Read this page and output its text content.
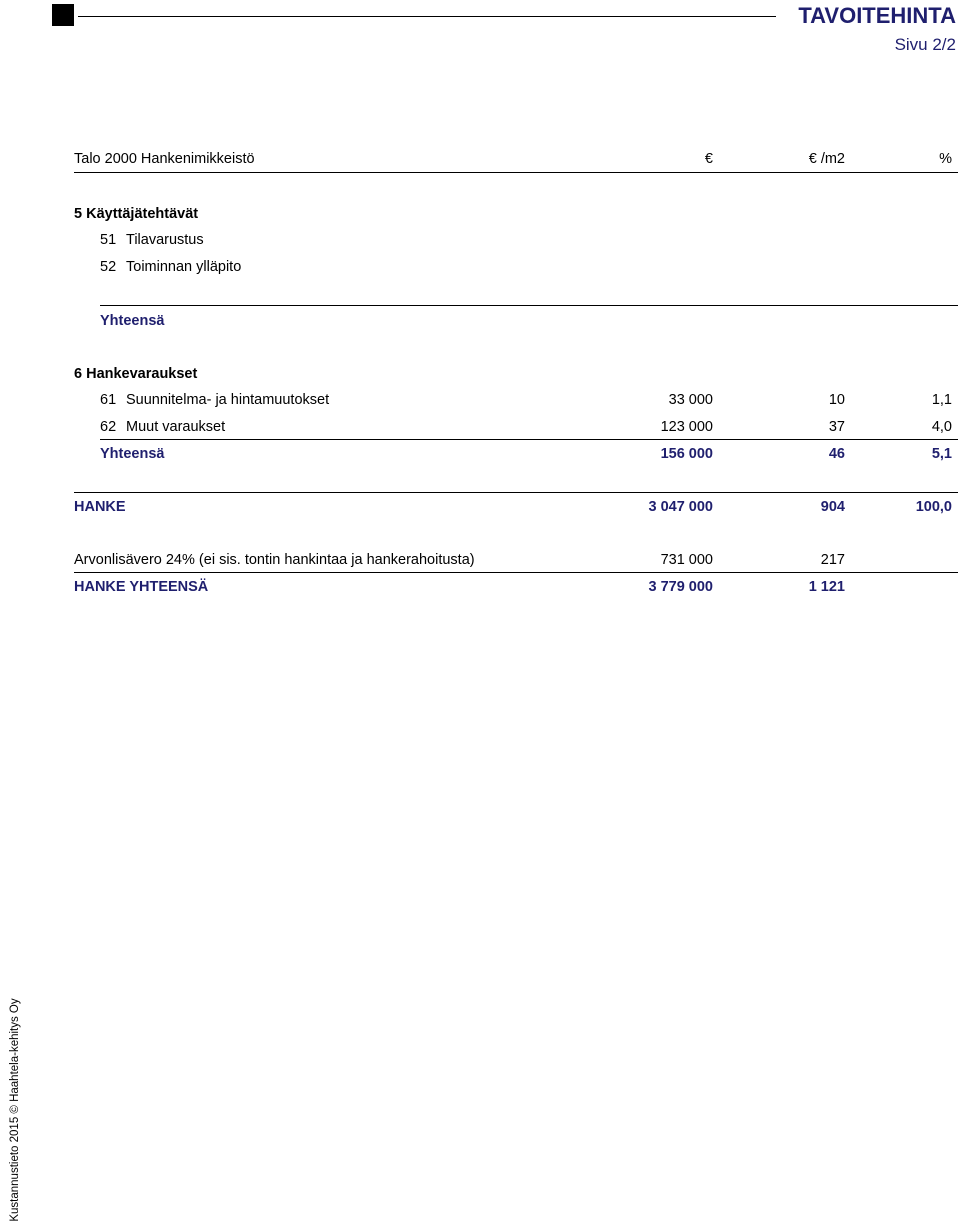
TAVOITEHINTA
Sivu 2/2
Talo 2000 Hankenimikkeistö	€	€ /m2	%
5 Käyttäjätehtävät
51 Tilavarustus
52 Toiminnan ylläpito
Yhteensä
6 Hankevaraukset
61 Suunnitelma- ja hintamuutokset	33 000	10	1,1
62 Muut varaukset	123 000	37	4,0
Yhteensä	156 000	46	5,1
HANKE	3 047 000	904	100,0
Arvonlisävero 24% (ei sis. tontin hankintaa ja hankerahoitusta)	731 000	217
HANKE YHTEENSÄ	3 779 000	1 121
Kustannustieto 2015 © Haahtela-kehitys Oy
